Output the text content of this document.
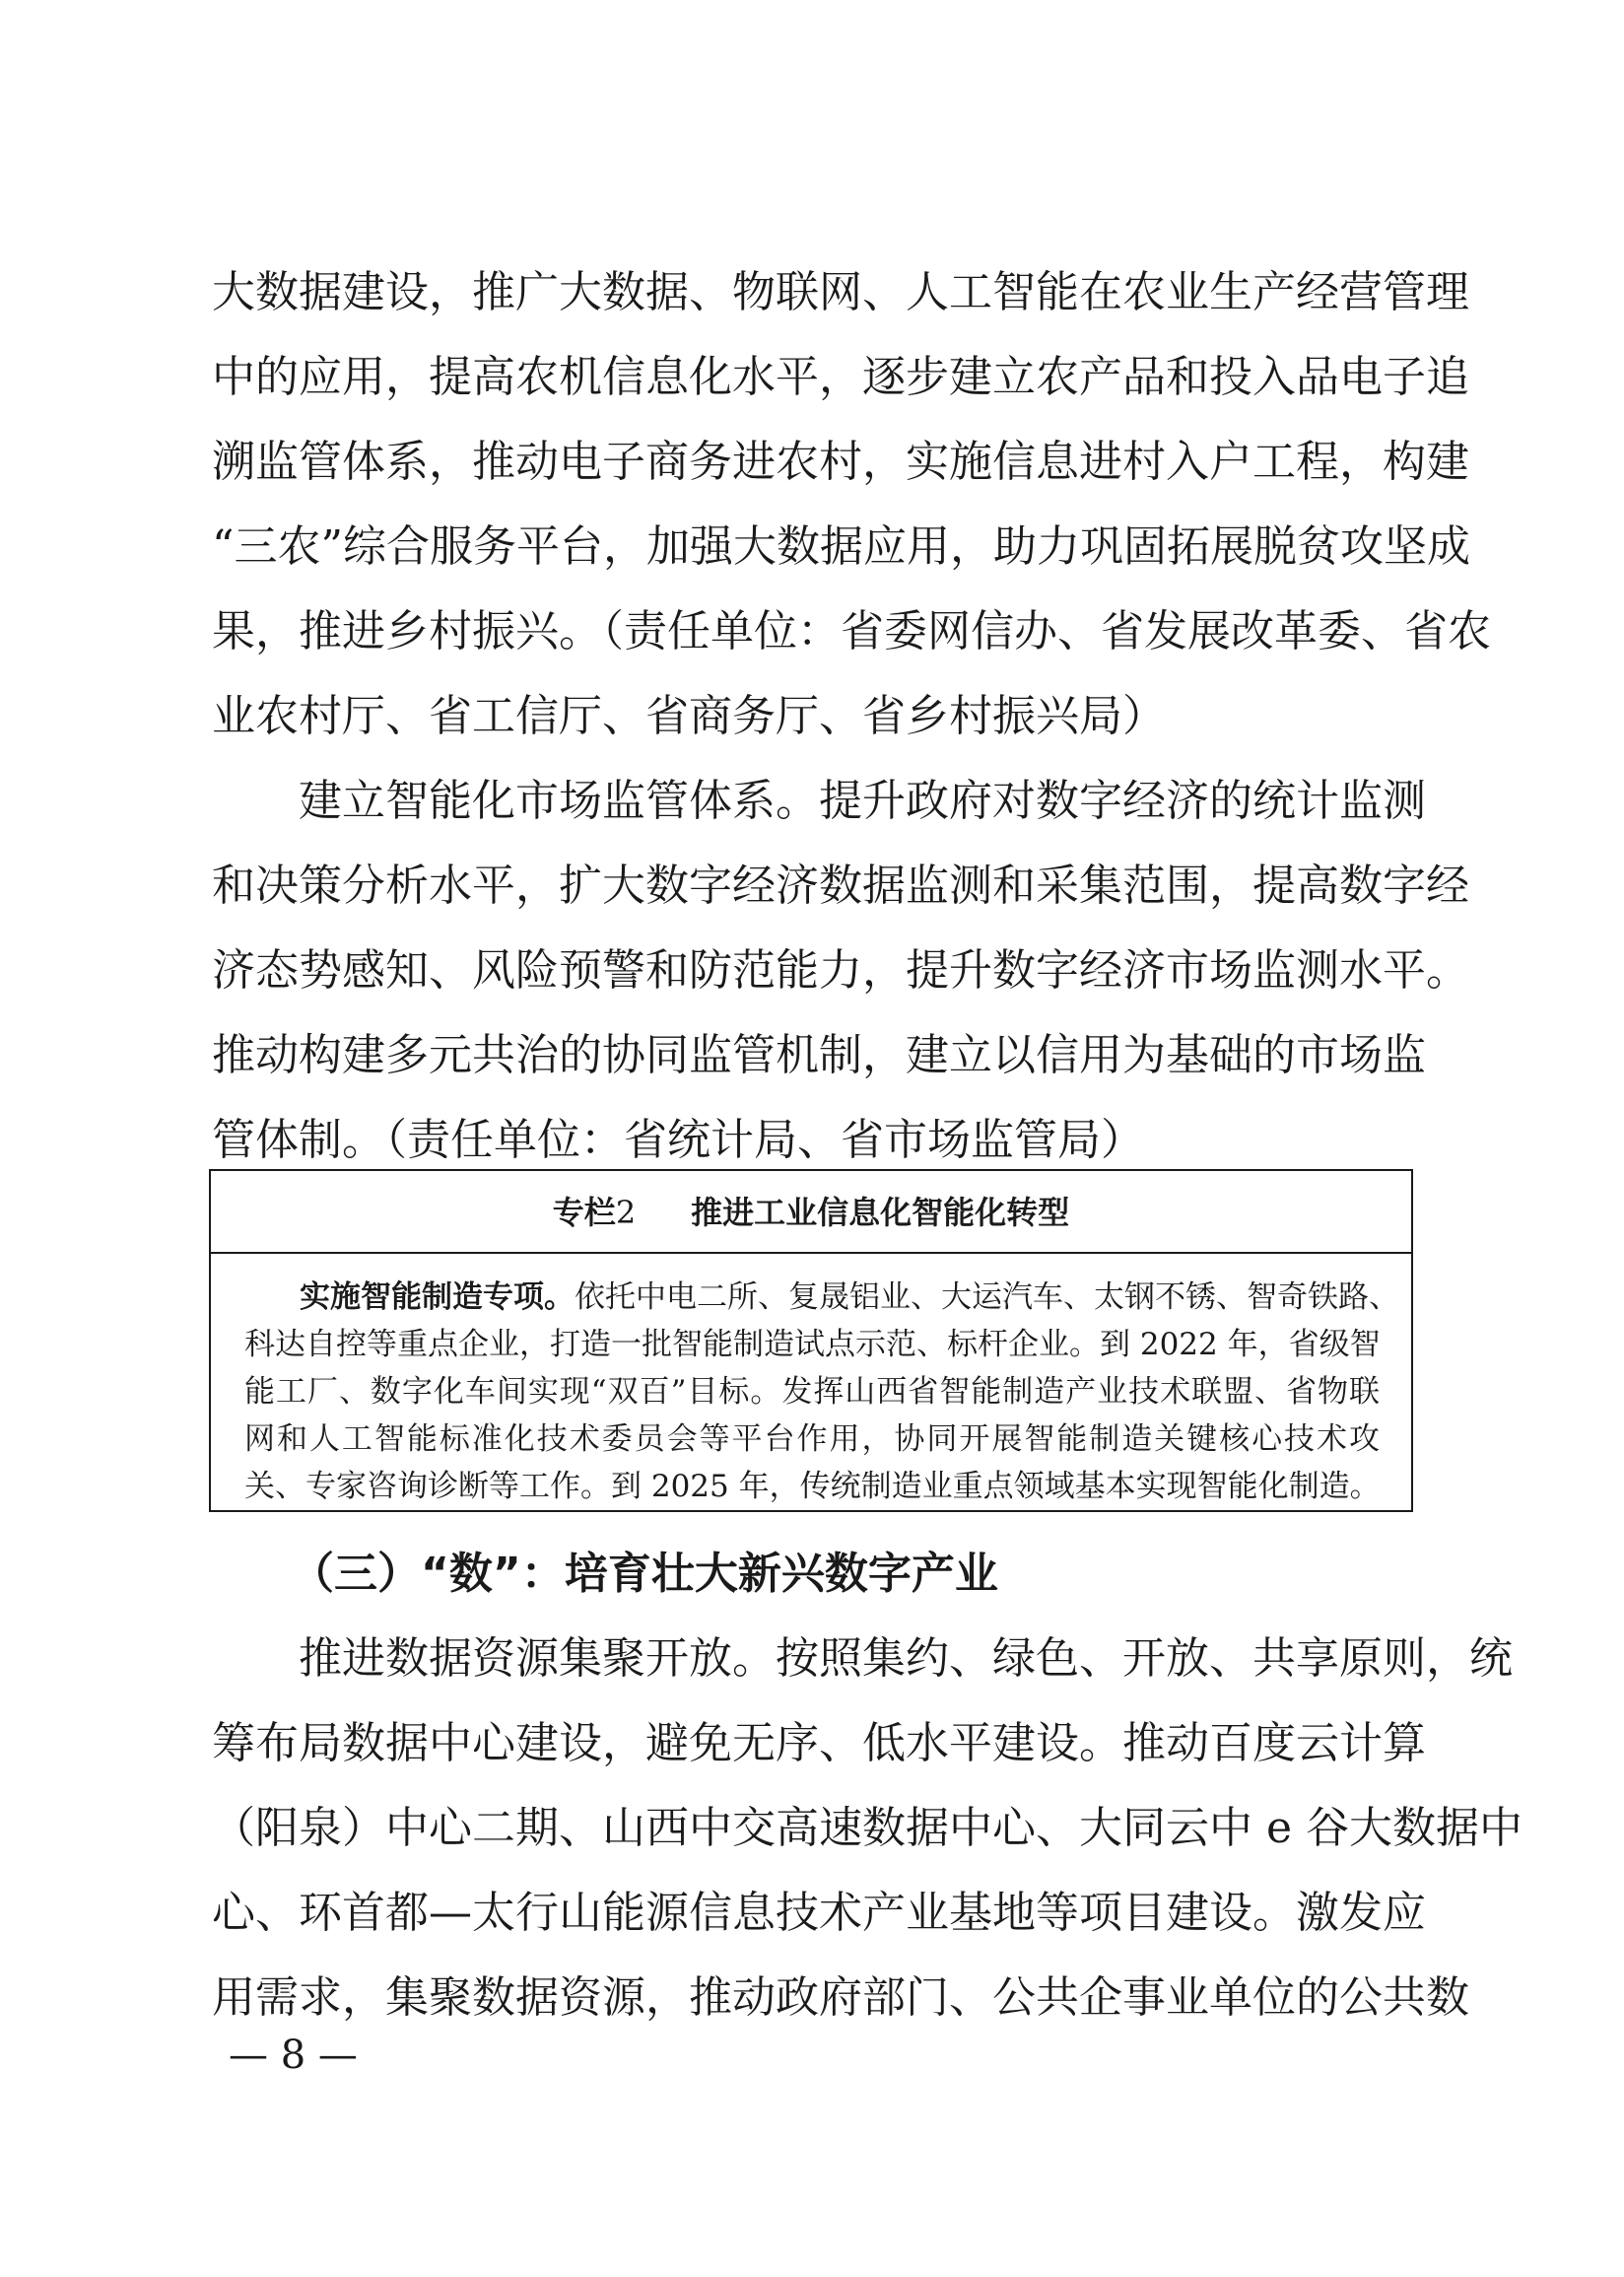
大数据建设，推广大数据、物联网、人工智能在农业生产经营管理
中的应用，提高农机信息化水平，逐步建立农产品和投入品电子追
溯监管体系，推动电子商务进农村，实施信息进村入户工程，构建
“三农”综合服务平台，加强大数据应用，助力巩固拓展脱贫攻坚成
果，推进乡村振兴。（责任单位：省委网信办、省发展改革委、省农
业农村厅、省工信厅、省商务厅、省乡村振兴局）
建立智能化市场监管体系。提升政府对数字经济的统计监测
和决策分析水平，扩大数字经济数据监测和采集范围，提高数字经
济态势感知、风险预警和防范能力，提升数字经济市场监测水平。
推动构建多元共治的协同监管机制，建立以信用为基础的市场监
管体制。（责任单位：省统计局、省市场监管局）
专栏2 推进工业信息化智能化转型
实施智能制造专项。依托中电二所、复晟铝业、大运汽车、太钢不锈、智奇铁路、
科达自控等重点企业，打造一批智能制造试点示范、标杆企业。到 2022 年，省级智
能工厂、数字化车间实现“双百”目标。发挥山西省智能制造产业技术联盟、省物联
网和人工智能标准化技术委员会等平台作用，协同开展智能制造关键核心技术攻
关、专家咨询诊断等工作。到 2025 年，传统制造业重点领域基本实现智能化制造。
（三）“数”：培育壮大新兴数字产业
推进数据资源集聚开放。按照集约、绿色、开放、共享原则，统
筹布局数据中心建设，避免无序、低水平建设。推动百度云计算
（阳泉）中心二期、山西中交高速数据中心、大同云中 e 谷大数据中
心、环首都—太行山能源信息技术产业基地等项目建设。激发应
用需求，集聚数据资源，推动政府部门、公共企事业单位的公共数
— 8 —
